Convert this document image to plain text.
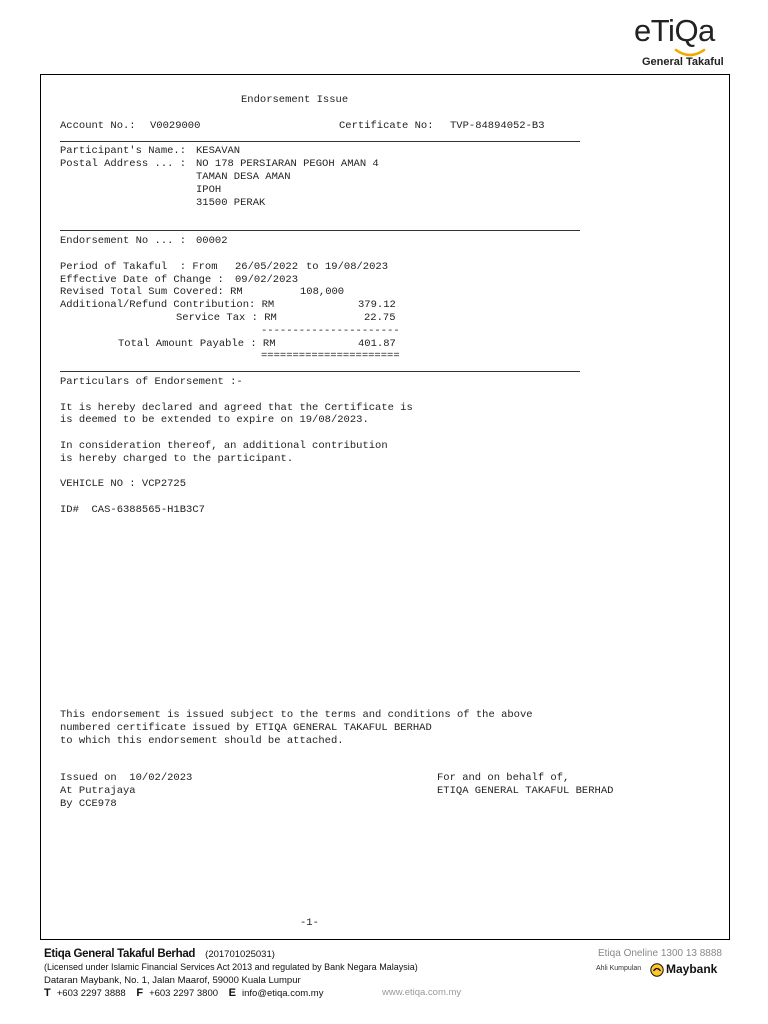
eTiQa
General Takaful
Endorsement Issue
Account No.: V0029000	Certificate No: TVP-84894052-B3
Participant's Name.: KESAVAN
Postal Address ... : NO 178 PERSIARAN PEGOH AMAN 4
TAMAN DESA AMAN
IPOH
31500 PERAK
Endorsement No ... : 00002
Period of Takaful  : From 26/05/2022 to 19/08/2023
Effective Date of Change : 09/02/2023
Revised Total Sum Covered: RM	108,000
Additional/Refund Contribution: RM	379.12
Service Tax : RM	22.75
----------------------
Total Amount Payable : RM	401.87
======================
Particulars of Endorsement :-
It is hereby declared and agreed that the Certificate is
is deemed to be extended to expire on 19/08/2023.
In consideration thereof, an additional contribution
is hereby charged to the participant.
VEHICLE NO : VCP2725
ID#  CAS-6388565-H1B3C7
This endorsement is issued subject to the terms and conditions of the above
numbered certificate issued by ETIQA GENERAL TAKAFUL BERHAD
to which this endorsement should be attached.
Issued on  10/02/2023
At Putrajaya
By CCE978
For and on behalf of,
ETIQA GENERAL TAKAFUL BERHAD
-1-
Etiqa General Takaful Berhad (201701025031)
(Licensed under Islamic Financial Services Act 2013 and regulated by Bank Negara Malaysia)
Dataran Maybank, No. 1, Jalan Maarof, 59000 Kuala Lumpur
T +603 2297 3888 F +603 2297 3800 E info@etiqa.com.my	www.etiqa.com.my
Etiqa Oneline 1300 13 8888
Ahli Kumpulan Maybank
